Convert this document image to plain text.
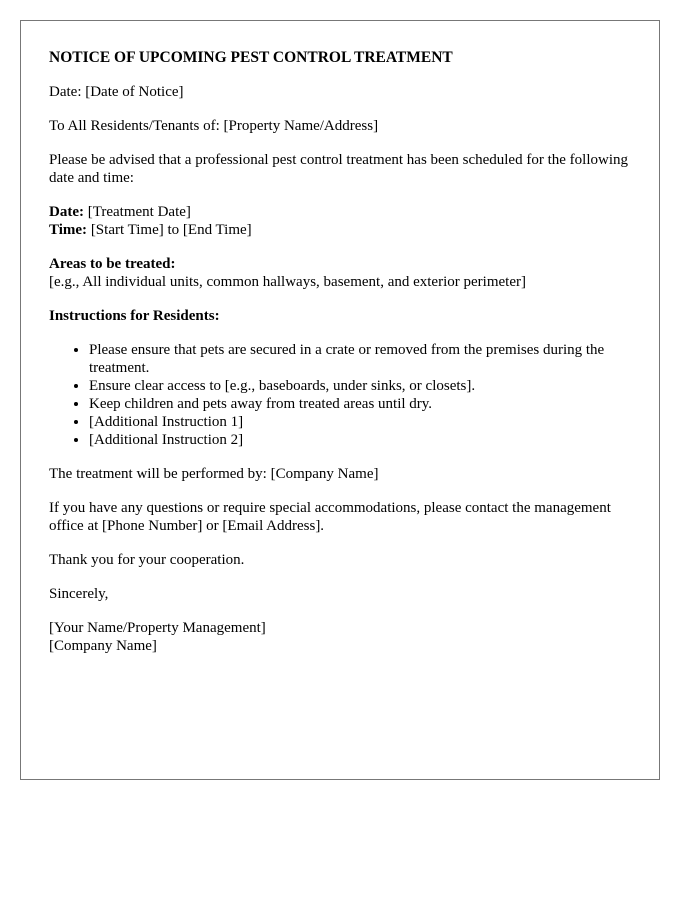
NOTICE OF UPCOMING PEST CONTROL TREATMENT

Date: [Date of Notice]

To All Residents/Tenants of: [Property Name/Address]

Please be advised that a professional pest control treatment has been scheduled for the following date and time:

Date: [Treatment Date]
Time: [Start Time] to [End Time]

Areas to be treated:
[e.g., All individual units, common hallways, basement, and exterior perimeter]

Instructions for Residents:

• Please ensure that pets are secured in a crate or removed from the premises during the treatment.
• Ensure clear access to [e.g., baseboards, under sinks, or closets].
• Keep children and pets away from treated areas until dry.
• [Additional Instruction 1]
• [Additional Instruction 2]

The treatment will be performed by: [Company Name]

If you have any questions or require special accommodations, please contact the management office at [Phone Number] or [Email Address].

Thank you for your cooperation.

Sincerely,

[Your Name/Property Management]
[Company Name]
